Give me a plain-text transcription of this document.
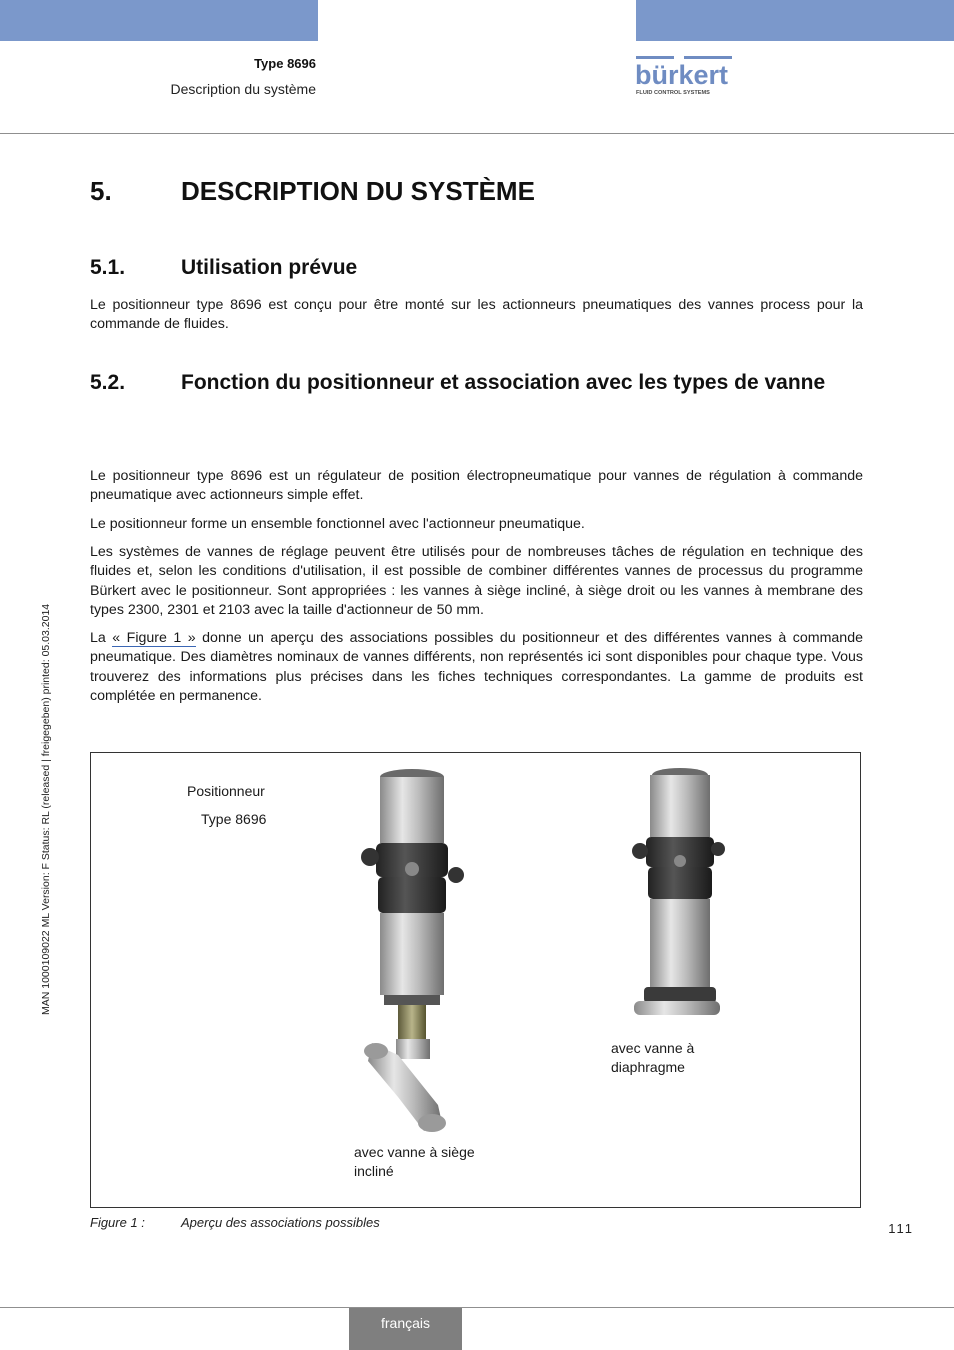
Type 8696
Description du système	bürkert
FLUID CONTROL SYSTEMS
MAN 1000109022 ML Version: F Status: RL (released | freigegeben) printed: 05.03.2014
5.	DESCRIPTION DU SYSTÈME
5.1.	Utilisation prévue
Le positionneur type 8696 est conçu pour être monté sur les actionneurs pneumatiques des vannes process pour la commande de fluides.
5.2.	Fonction du positionneur et association avec les types de vanne
Le positionneur type 8696 est un régulateur de position électropneumatique pour vannes de régulation à commande pneumatique avec actionneurs simple effet.
Le positionneur forme un ensemble fonctionnel avec l'actionneur pneumatique.
Les systèmes de vannes de réglage peuvent être utilisés pour de nombreuses tâches de régulation en technique des fluides et, selon les conditions d'utilisation, il est possible de combiner différentes vannes de processus du programme Bürkert avec le positionneur. Sont appropriées : les vannes à siège incliné, à siège droit ou les vannes à membrane des types 2300, 2301 et 2103 avec la taille d'actionneur de 50 mm.
La « Figure 1 » donne un aperçu des associations possibles du positionneur et des différentes vannes à commande pneumatique. Des diamètres nominaux de vannes différents, non représentés ici sont disponibles pour chaque type. Vous trouverez des informations plus précises dans les fiches techniques correspondantes. La gamme de produits est complétée en permanence.
Positionneur
Type 8696
avec vanne à siège
incliné
avec vanne à
diaphragme
Figure 1 :	Aperçu des associations possibles	111
français
